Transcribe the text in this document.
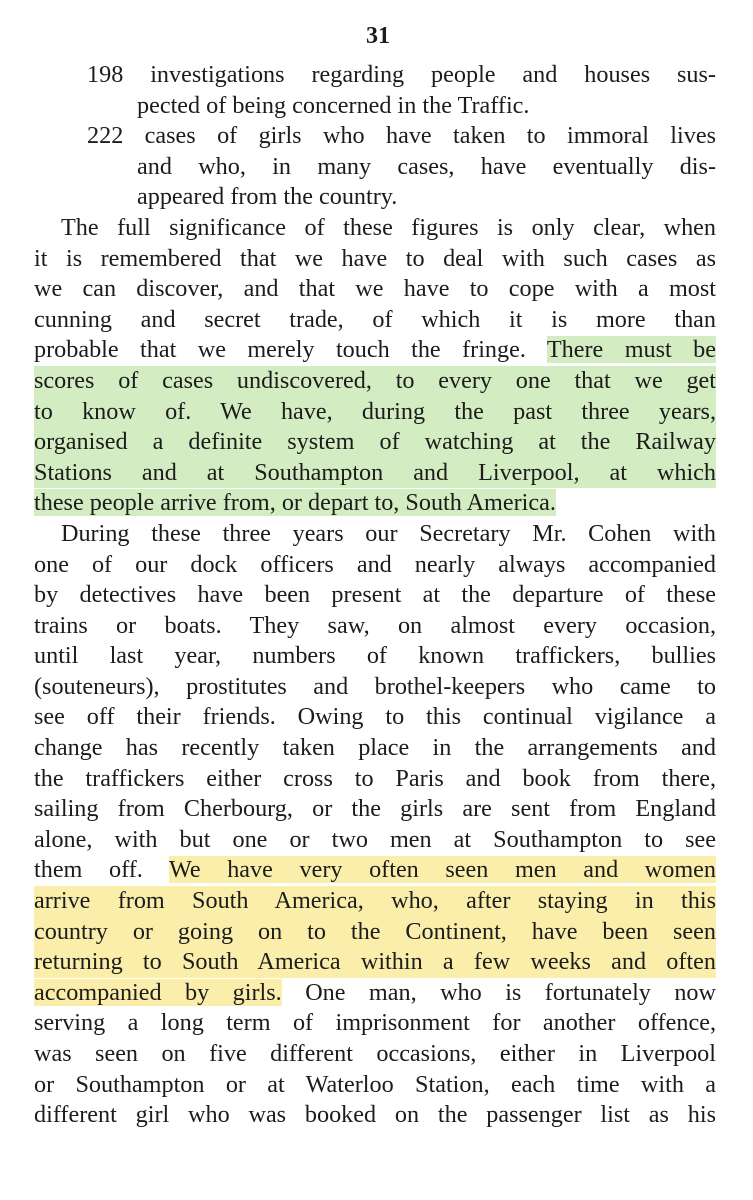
31
198 investigations regarding people and houses sus-
pected of being concerned in the Traffic.
222 cases of girls who have taken to immoral lives
and who, in many cases, have eventually dis-
appeared from the country.
The full significance of these figures is only clear, when
it is remembered that we have to deal with such cases as
we can discover, and that we have to cope with a most
cunning and secret trade, of which it is more than
probable that we merely touch the fringe. There must be
scores of cases undiscovered, to every one that we get
to know of. We have, during the past three years,
organised a definite system of watching at the Railway
Stations and at Southampton and Liverpool, at which
these people arrive from, or depart to, South America.
During these three years our Secretary Mr. Cohen with
one of our dock officers and nearly always accompanied
by detectives have been present at the departure of these
trains or boats. They saw, on almost every occasion,
until last year, numbers of known traffickers, bullies
(souteneurs), prostitutes and brothel-keepers who came to
see off their friends. Owing to this continual vigilance a
change has recently taken place in the arrangements and
the traffickers either cross to Paris and book from there,
sailing from Cherbourg, or the girls are sent from England
alone, with but one or two men at Southampton to see
them off. We have very often seen men and women
arrive from South America, who, after staying in this
country or going on to the Continent, have been seen
returning to South America within a few weeks and often
accompanied by girls. One man, who is fortunately now
serving a long term of imprisonment for another offence,
was seen on five different occasions, either in Liverpool
or Southampton or at Waterloo Station, each time with a
different girl who was booked on the passenger list as his
